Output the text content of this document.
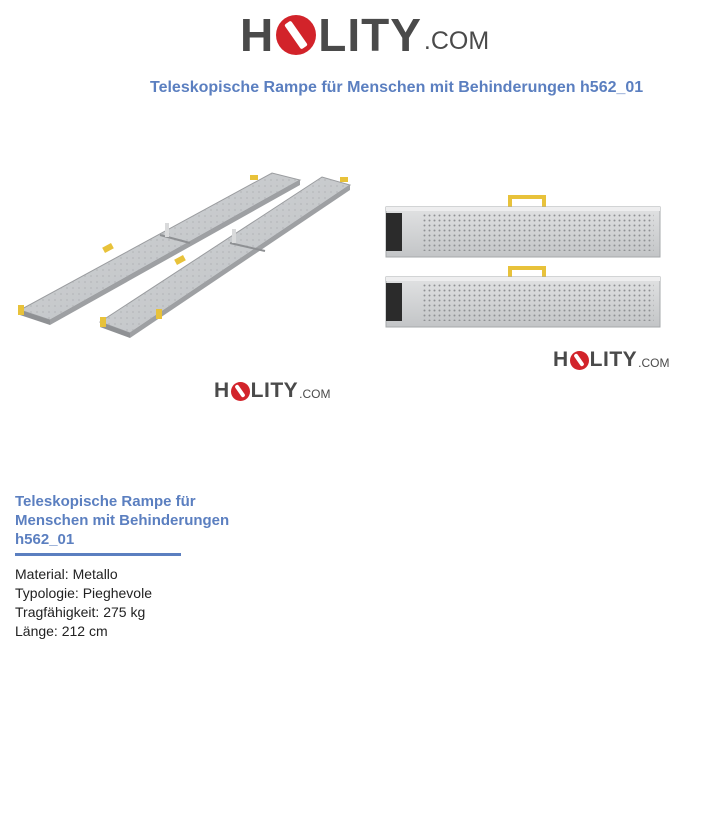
H LITY .COM
Teleskopische Rampe für Menschen mit Behinderungen h562_01
H LITY .COM
H LITY .COM
Teleskopische Rampe für Menschen mit Behinderungen h562_01
Material: Metallo
Typologie: Pieghevole
Tragfähigkeit: 275 kg
Länge: 212 cm
